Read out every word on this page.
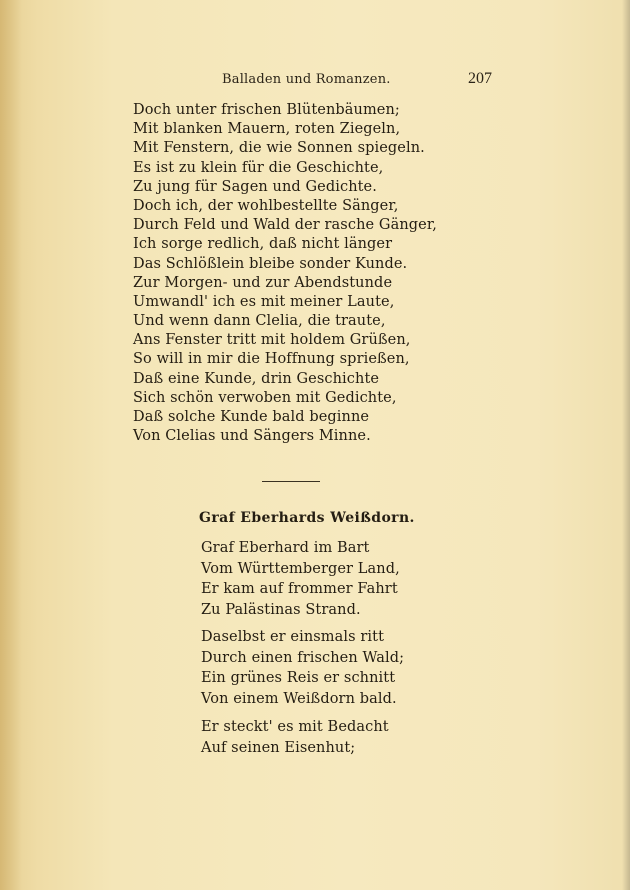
Balladen und Romanzen.	207
Doch unter frischen Blütenbäumen;
Mit blanken Mauern, roten Ziegeln,
Mit Fenstern, die wie Sonnen spiegeln.
Es ist zu klein für die Geschichte,
Zu jung für Sagen und Gedichte.
Doch ich, der wohlbestellte Sänger,
Durch Feld und Wald der rasche Gänger,
Ich sorge redlich, daß nicht länger
Das Schlößlein bleibe sonder Kunde.
Zur Morgen- und zur Abendstunde
Umwandl' ich es mit meiner Laute,
Und wenn dann Clelia, die traute,
Ans Fenster tritt mit holdem Grüßen,
So will in mir die Hoffnung sprießen,
Daß eine Kunde, drin Geschichte
Sich schön verwoben mit Gedichte,
Daß solche Kunde bald beginne
Von Clelias und Sängers Minne.
Graf Eberhards Weißdorn.
Graf Eberhard im Bart
Vom Württemberger Land,
Er kam auf frommer Fahrt
Zu Palästinas Strand.
Daselbst er einsmals ritt
Durch einen frischen Wald;
Ein grünes Reis er schnitt
Von einem Weißdorn bald.
Er steckt' es mit Bedacht
Auf seinen Eisenhut;
